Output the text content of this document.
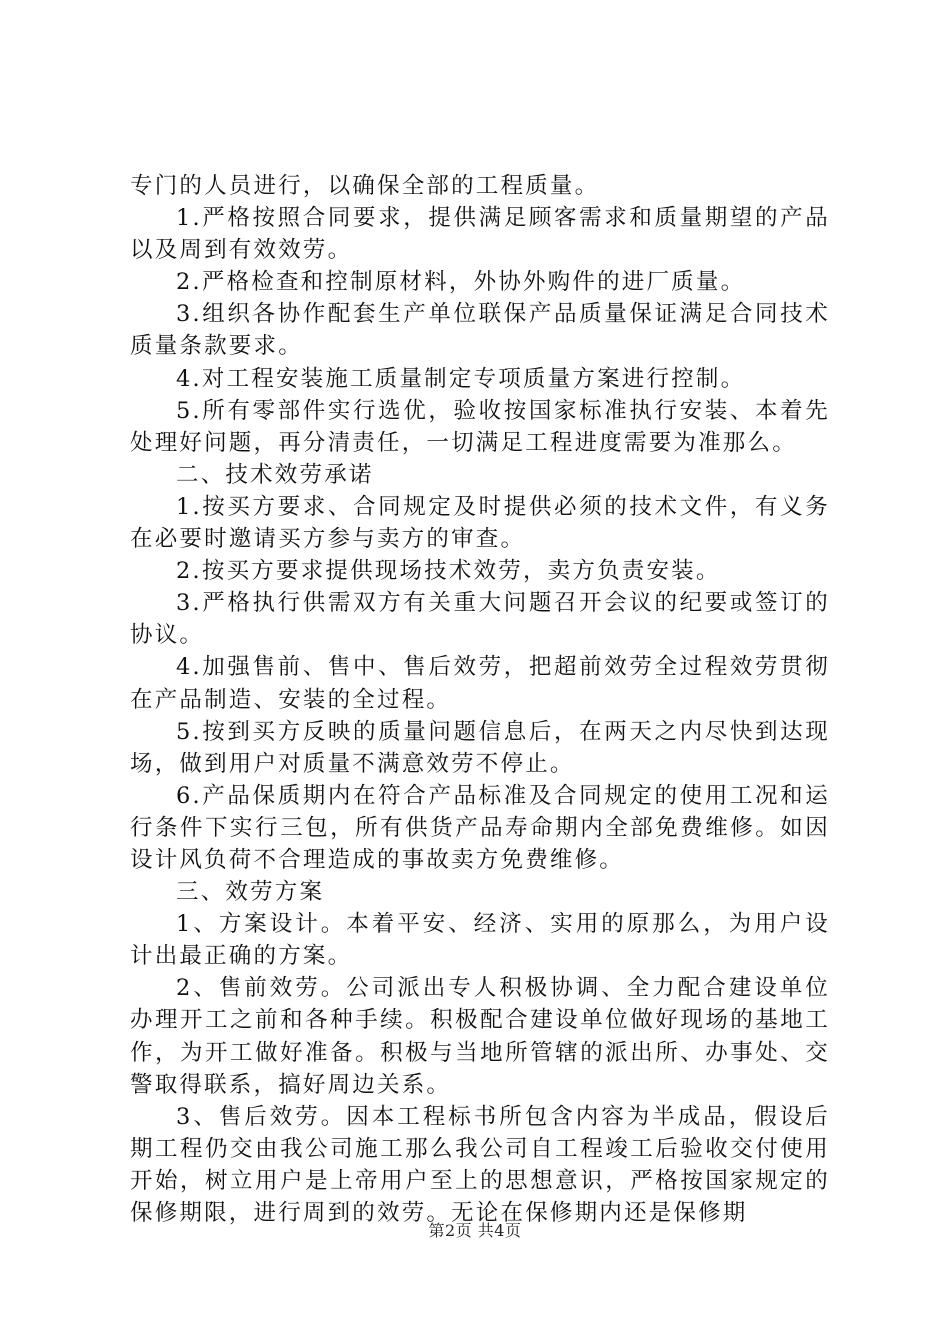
专门的人员进行，以确保全部的工程质量。

1.严格按照合同要求，提供满足顾客需求和质量期望的产品以及周到有效效劳。

2.严格检查和控制原材料，外协外购件的进厂质量。

3.组织各协作配套生产单位联保产品质量保证满足合同技术质量条款要求。

4.对工程安装施工质量制定专项质量方案进行控制。

5.所有零部件实行选优，验收按国家标准执行安装、本着先处理好问题，再分清责任，一切满足工程进度需要为准那么。

二、技术效劳承诺

1.按买方要求、合同规定及时提供必须的技术文件，有义务在必要时邀请买方参与卖方的审查。

2.按买方要求提供现场技术效劳，卖方负责安装。

3.严格执行供需双方有关重大问题召开会议的纪要或签订的协议。

4.加强售前、售中、售后效劳，把超前效劳全过程效劳贯彻在产品制造、安装的全过程。

5.按到买方反映的质量问题信息后，在两天之内尽快到达现场，做到用户对质量不满意效劳不停止。

6.产品保质期内在符合产品标准及合同规定的使用工况和运行条件下实行三包，所有供货产品寿命期内全部免费维修。如因设计风负荷不合理造成的事故卖方免费维修。

三、效劳方案

1、方案设计。本着平安、经济、实用的原那么，为用户设计出最正确的方案。

2、售前效劳。公司派出专人积极协调、全力配合建设单位办理开工之前和各种手续。积极配合建设单位做好现场的基地工作，为开工做好准备。积极与当地所管辖的派出所、办事处、交警取得联系，搞好周边关系。

3、售后效劳。因本工程标书所包含内容为半成品，假设后期工程仍交由我公司施工那么我公司自工程竣工后验收交付使用开始，树立用户是上帝用户至上的思想意识，严格按国家规定的保修期限，进行周到的效劳。无论在保修期内还是保修期

第2页 共4页
